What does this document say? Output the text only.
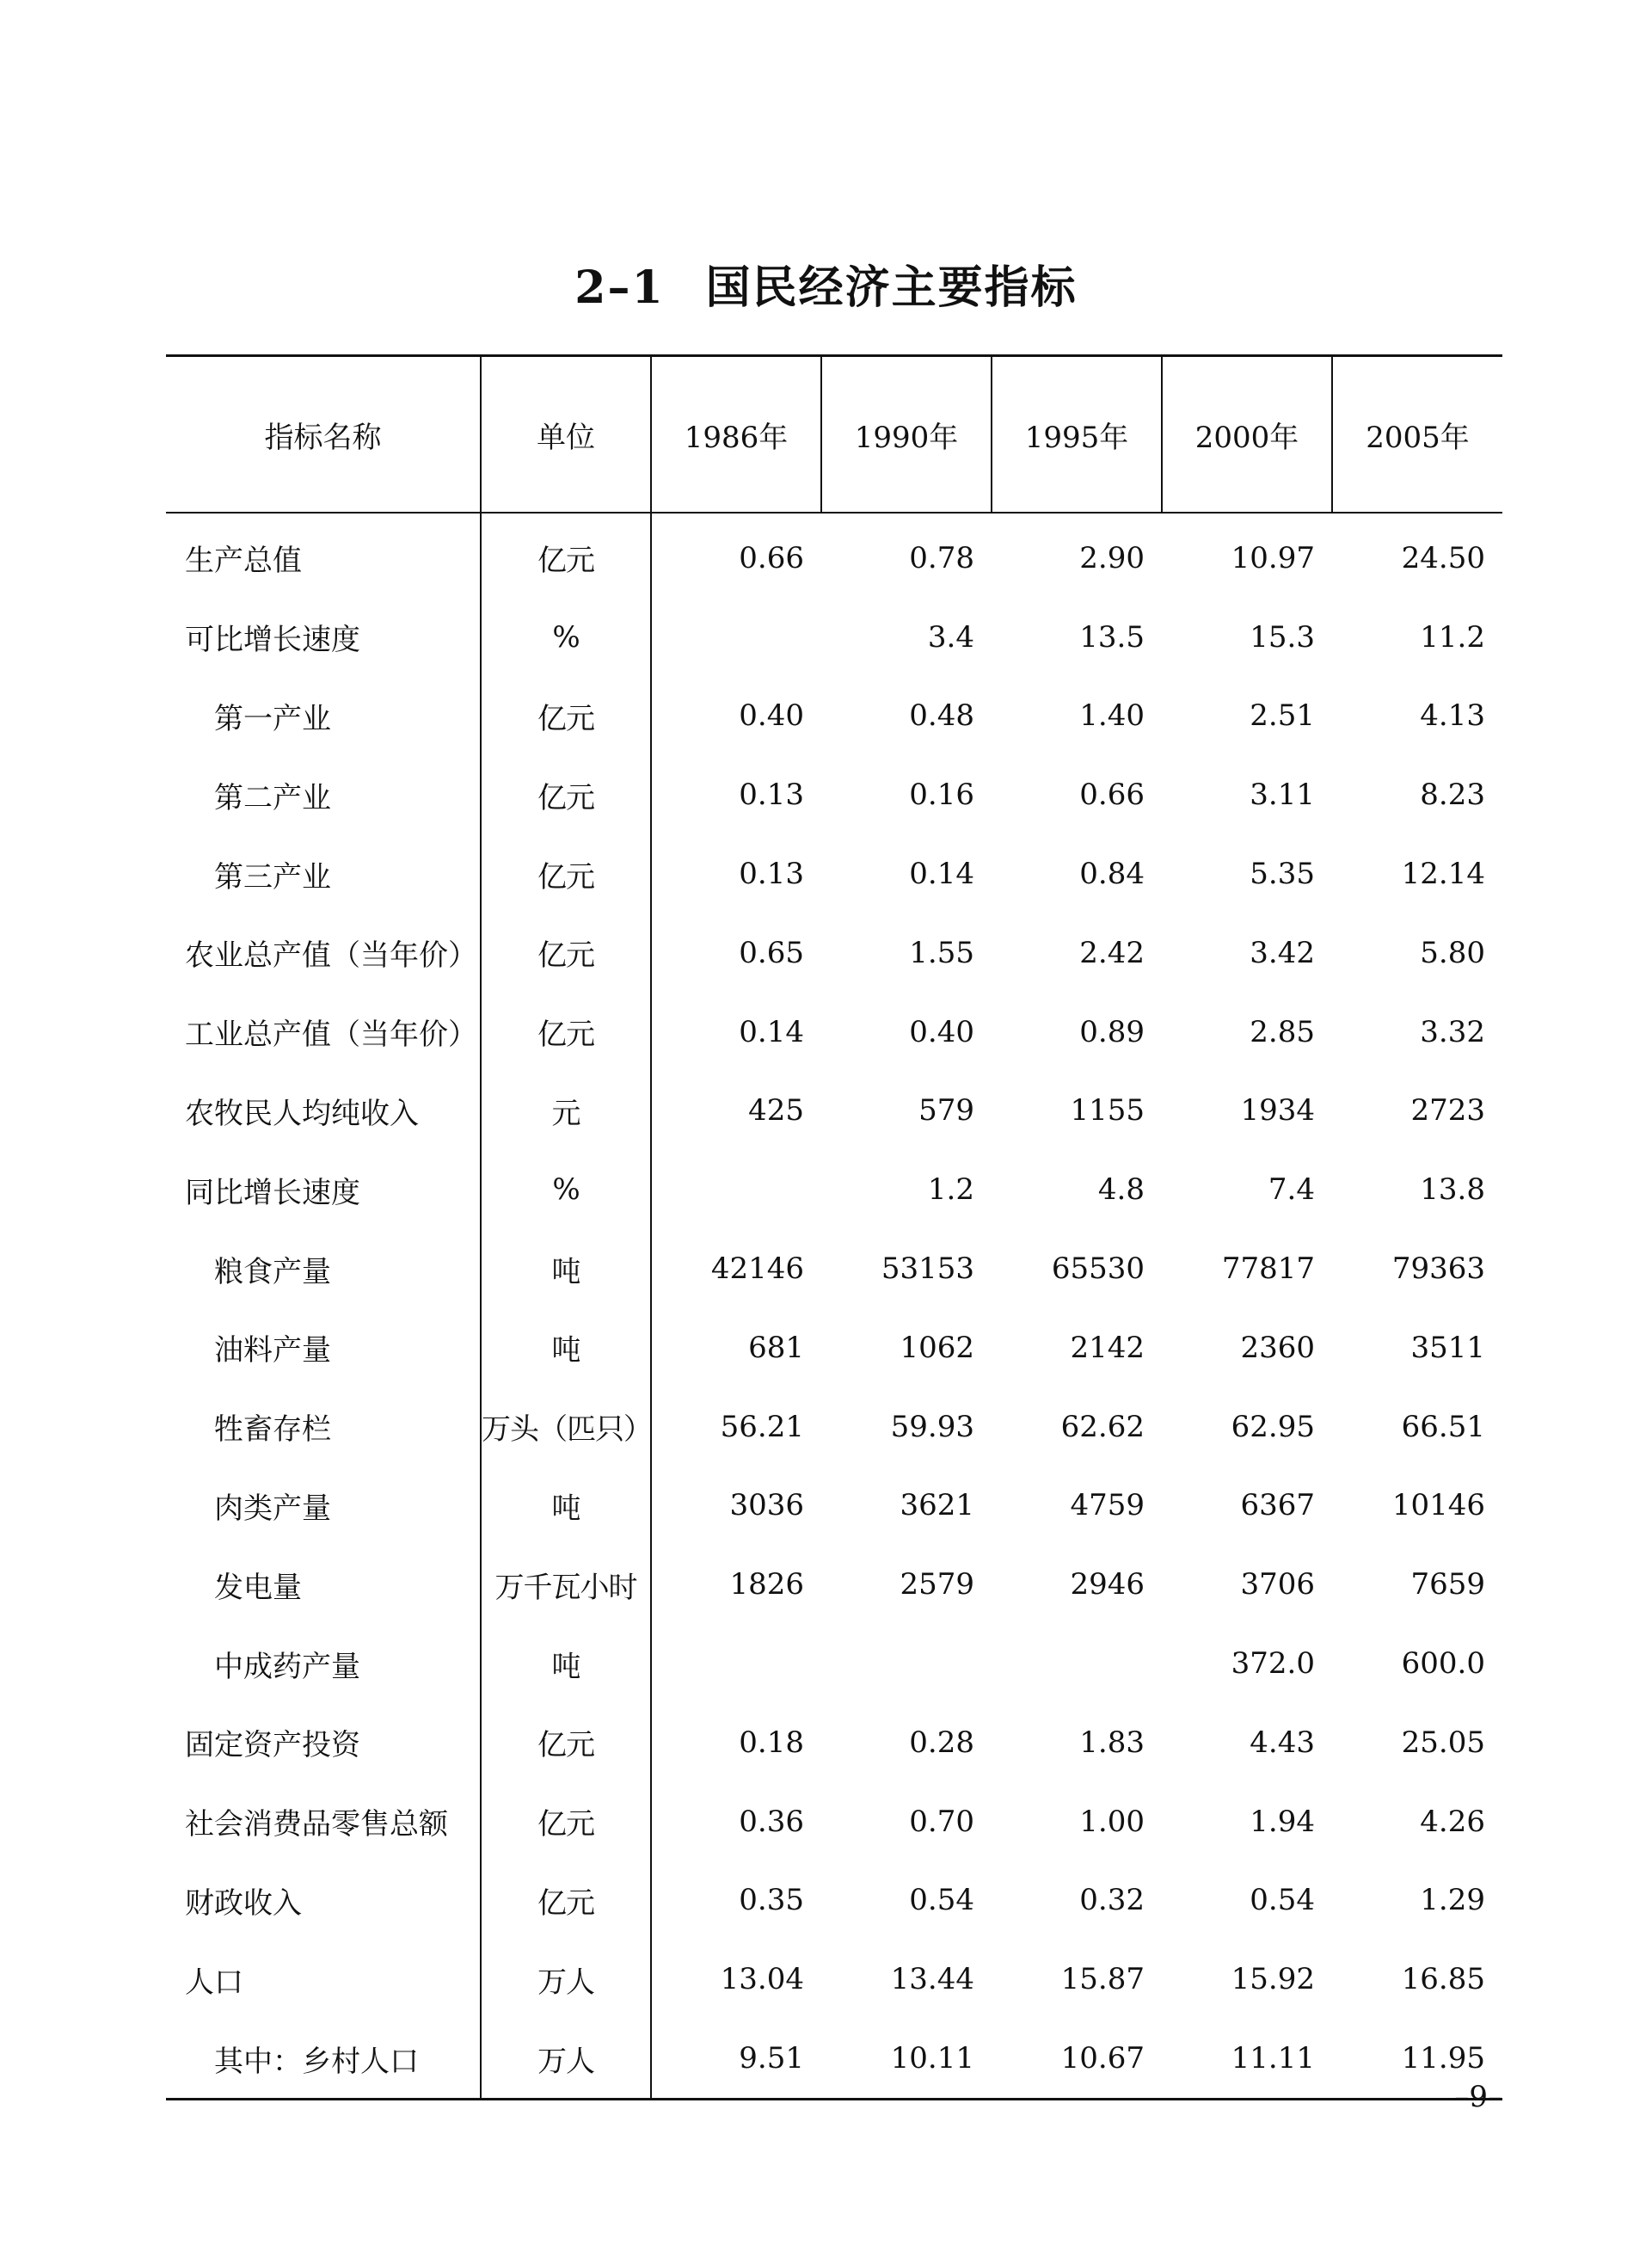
2–1 国民经济主要指标
指标名称	单位	1986年	1990年	1995年	2000年	2005年
生产总值	亿元	0.66	0.78	2.90	10.97	24.50
可比增长速度	%		3.4	13.5	15.3	11.2
第一产业	亿元	0.40	0.48	1.40	2.51	4.13
第二产业	亿元	0.13	0.16	0.66	3.11	8.23
第三产业	亿元	0.13	0.14	0.84	5.35	12.14
农业总产值（当年价）	亿元	0.65	1.55	2.42	3.42	5.80
工业总产值（当年价）	亿元	0.14	0.40	0.89	2.85	3.32
农牧民人均纯收入	元	425	579	1155	1934	2723
同比增长速度	%		1.2	4.8	7.4	13.8
粮食产量	吨	42146	53153	65530	77817	79363
油料产量	吨	681	1062	2142	2360	3511
牲畜存栏	万头（匹只）	56.21	59.93	62.62	62.95	66.51
肉类产量	吨	3036	3621	4759	6367	10146
发电量	万千瓦小时	1826	2579	2946	3706	7659
中成药产量	吨				372.0	600.0
固定资产投资	亿元	0.18	0.28	1.83	4.43	25.05
社会消费品零售总额	亿元	0.36	0.70	1.00	1.94	4.26
财政收入	亿元	0.35	0.54	0.32	0.54	1.29
人口	万人	13.04	13.44	15.87	15.92	16.85
其中：乡村人口	万人	9.51	10.11	10.67	11.11	11.95
–9–
